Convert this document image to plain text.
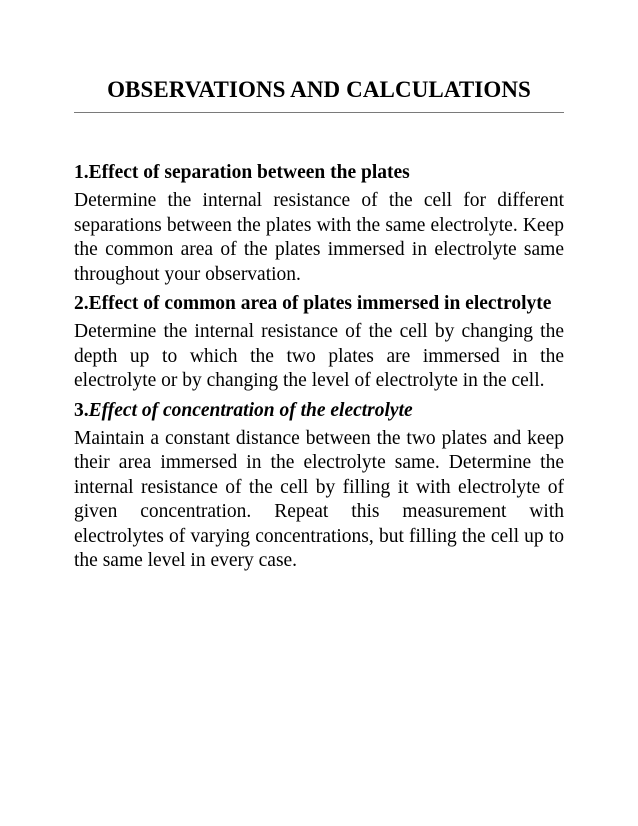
OBSERVATIONS AND CALCULATIONS

1.Effect of separation between the plates

Determine the internal resistance of the cell for different separations between the plates with the same electrolyte. Keep the common area of the plates immersed in electrolyte same throughout your observation.

2.Effect of common area of plates immersed in electrolyte

Determine the internal resistance of the cell by changing the depth up to which the two plates are immersed in the electrolyte or by changing the level of electrolyte in the cell.

3.Effect of concentration of the electrolyte

Maintain a constant distance between the two plates and keep their area immersed in the electrolyte same. Determine the internal resistance of the cell by filling it with electrolyte of given concentration. Repeat this measurement with electrolytes of varying concentrations, but filling the cell up to the same level in every case.
